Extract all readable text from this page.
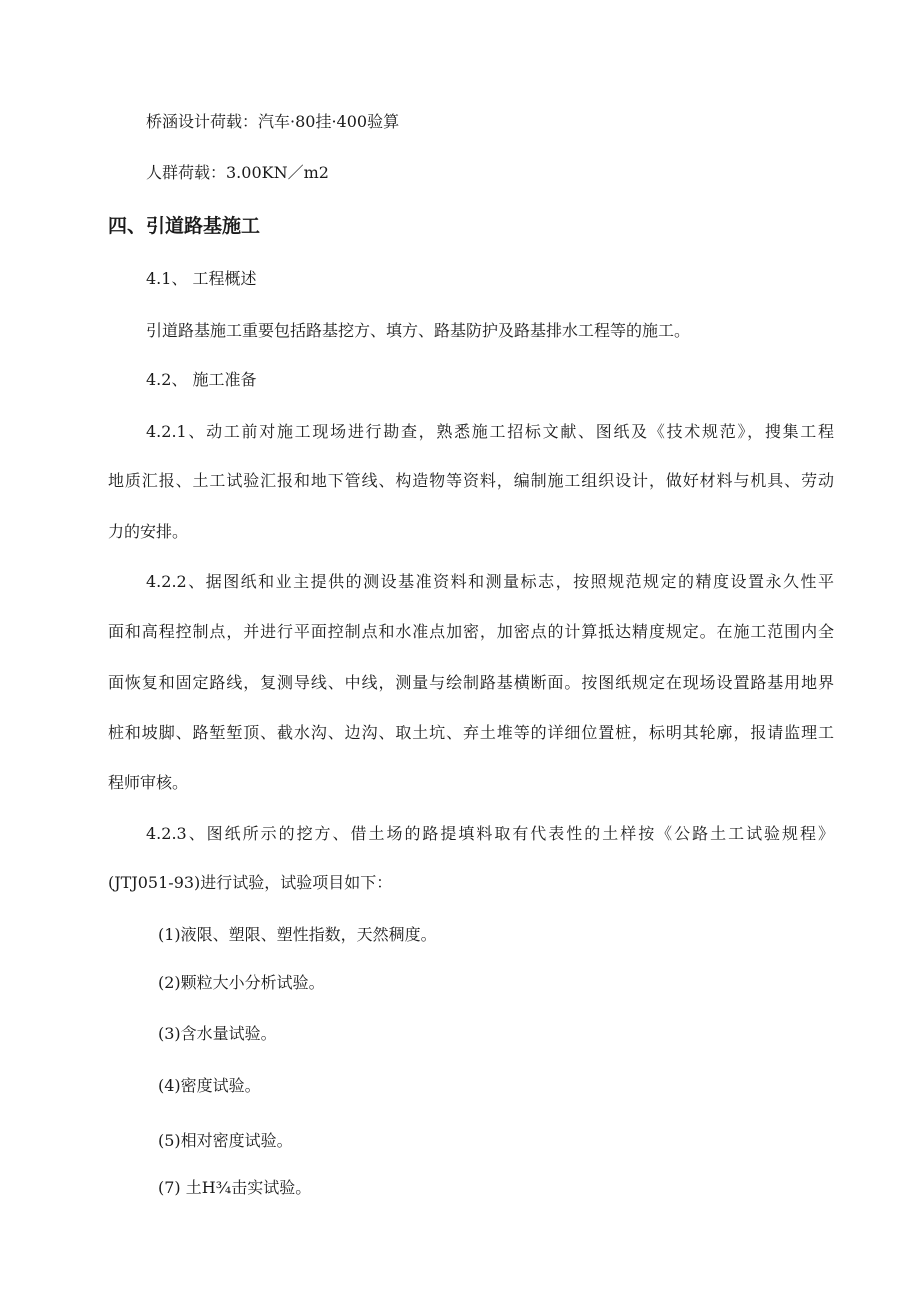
桥涵设计荷载：汽车·80挂·400验算
人群荷载：3.00KN／m2
四、引道路基施工
4.1、 工程概述
引道路基施工重要包括路基挖方、填方、路基防护及路基排水工程等的施工。
4.2、 施工准备
4.2.1、动工前对施工现场进行勘查，熟悉施工招标文献、图纸及《技术规范》，搜集工程
地质汇报、土工试验汇报和地下管线、构造物等资料，编制施工组织设计，做好材料与机具、劳动
力的安排。
4.2.2、据图纸和业主提供的测设基准资料和测量标志，按照规范规定的精度设置永久性平
面和高程控制点，并进行平面控制点和水准点加密，加密点的计算抵达精度规定。在施工范围内全
面恢复和固定路线，复测导线、中线，测量与绘制路基横断面。按图纸规定在现场设置路基用地界
桩和坡脚、路堑堑顶、截水沟、边沟、取土坑、弃土堆等的详细位置桩，标明其轮廓，报请监理工
程师审核。
4.2.3、图纸所示的挖方、借土场的路提填料取有代表性的土样按《公路土工试验规程》
(JTJ051-93)进行试验，试验项目如下：
(1)液限、塑限、塑性指数，天然稠度。
(2)颗粒大小分析试验。
(3)含水量试验。
(4)密度试验。
(5)相对密度试验。
(7) 土H¾击实试验。
